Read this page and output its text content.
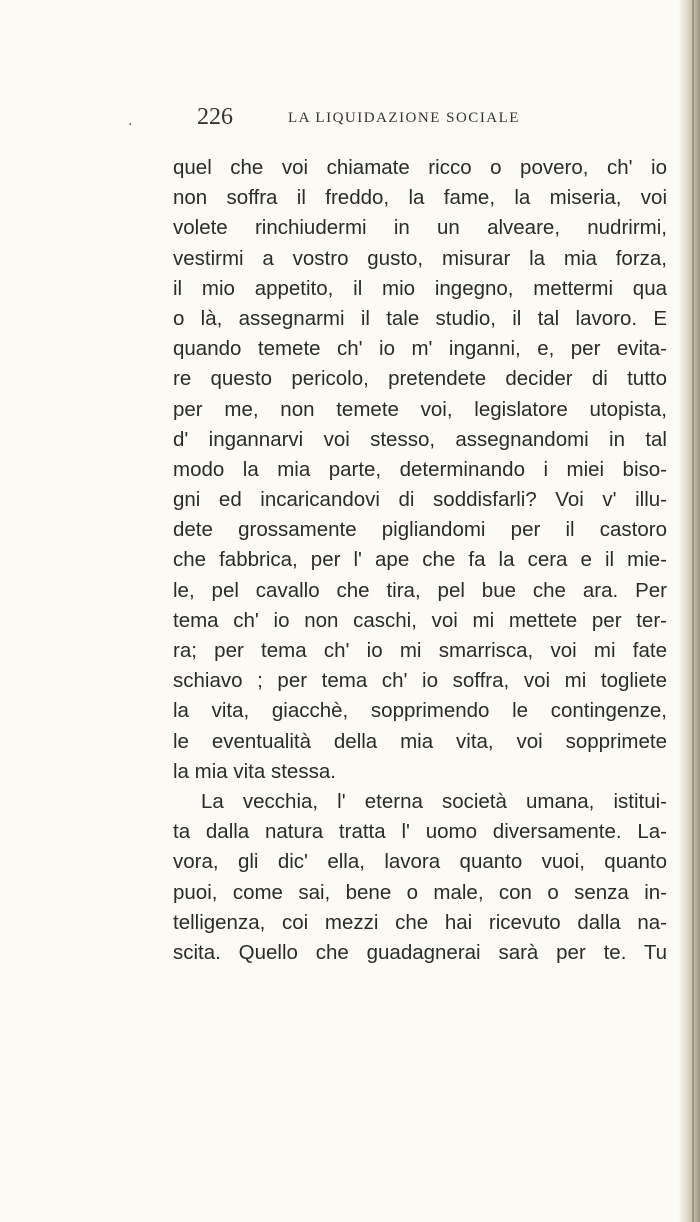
.	226	LA LIQUIDAZIONE SOCIALE
quel che voi chiamate ricco o povero, ch' io
non soffra il freddo, la fame, la miseria, voi
volete rinchiudermi in un alveare, nudrirmi,
vestirmi a vostro gusto, misurar la mia forza,
il mio appetito, il mio ingegno, mettermi qua
o là, assegnarmi il tale studio, il tal lavoro. E
quando temete ch' io m' inganni, e, per evita-
re questo pericolo, pretendete decider di tutto
per me, non temete voi, legislatore utopista,
d' ingannarvi voi stesso, assegnandomi in tal
modo la mia parte, determinando i miei biso-
gni ed incaricandovi di soddisfarli? Voi v' illu-
dete grossamente pigliandomi per il castoro
che fabbrica, per l' ape che fa la cera e il mie-
le, pel cavallo che tira, pel bue che ara. Per
tema ch' io non caschi, voi mi mettete per ter-
ra; per tema ch' io mi smarrisca, voi mi fate
schiavo ; per tema ch' io soffra, voi mi togliete
la vita, giacchè, sopprimendo le contingenze,
le eventualità della mia vita, voi sopprimete
la mia vita stessa.
La vecchia, l' eterna società umana, istitui-
ta dalla natura tratta l' uomo diversamente. La-
vora, gli dic' ella, lavora quanto vuoi, quanto
puoi, come sai, bene o male, con o senza in-
telligenza, coi mezzi che hai ricevuto dalla na-
scita. Quello che guadagnerai sarà per te. Tu
